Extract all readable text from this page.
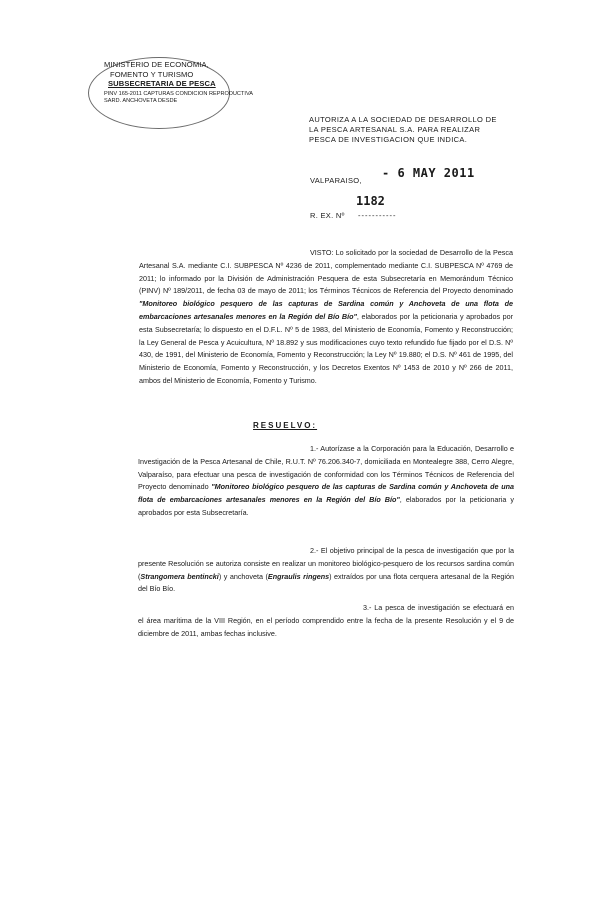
MINISTERIO DE ECONOMIA,
FOMENTO Y TURISMO
SUBSECRETARIA DE PESCA
PINV 165-2011 CAPTURAS CONDICION REPRODUCTIVA
SARD. ANCHOVETA DESDE
AUTORIZA A LA SOCIEDAD DE DESARROLLO DE LA PESCA ARTESANAL S.A. PARA REALIZAR PESCA DE INVESTIGACION QUE INDICA.
VALPARAISO,
- 6 MAY 2011
1182
R. EX. Nº -----------
VISTO: Lo solicitado por la sociedad de Desarrollo de la Pesca Artesanal S.A. mediante C.I. SUBPESCA Nº 4236 de 2011, complementado mediante C.I. SUBPESCA Nº 4769 de 2011; lo informado por la División de Administración Pesquera de esta Subsecretaría en Memorándum Técnico (PINV) Nº 189/2011, de fecha 03 de mayo de 2011; los Términos Técnicos de Referencia del Proyecto denominado "Monitoreo biológico pesquero de las capturas de Sardina común y Anchoveta de una flota de embarcaciones artesanales menores en la Región del Bío Bío", elaborados por la peticionaria y aprobados por esta Subsecretaría; lo dispuesto en el D.F.L. Nº 5 de 1983, del Ministerio de Economía, Fomento y Reconstrucción; la Ley General de Pesca y Acuicultura, Nº 18.892 y sus modificaciones cuyo texto refundido fue fijado por el D.S. Nº 430, de 1991, del Ministerio de Economía, Fomento y Reconstrucción; la Ley Nº 19.880; el D.S. Nº 461 de 1995, del Ministerio de Economía, Fomento y Reconstrucción, y los Decretos Exentos Nº 1453 de 2010 y Nº 266 de 2011, ambos del Ministerio de Economía, Fomento y Turismo.
RESUELVO:
1.- Autorízase a la Corporación para la Educación, Desarrollo e Investigación de la Pesca Artesanal de Chile, R.U.T. Nº 76.206.340-7, domiciliada en Montealegre 388, Cerro Alegre, Valparaíso, para efectuar una pesca de investigación de conformidad con los Términos Técnicos de Referencia del Proyecto denominado "Monitoreo biológico pesquero de las capturas de Sardina común y Anchoveta de una flota de embarcaciones artesanales menores en la Región del Bío Bío", elaborados por la peticionaria y aprobados por esta Subsecretaría.
2.- El objetivo principal de la pesca de investigación que por la presente Resolución se autoriza consiste en realizar un monitoreo biológico-pesquero de los recursos sardina común (Strangomera bentincki) y anchoveta (Engraulis ringens) extraídos por una flota cerquera artesanal de la Región del Bío Bío.
3.- La pesca de investigación se efectuará en el área marítima de la VIII Región, en el período comprendido entre la fecha de la presente Resolución y el 9 de diciembre de 2011, ambas fechas inclusive.
